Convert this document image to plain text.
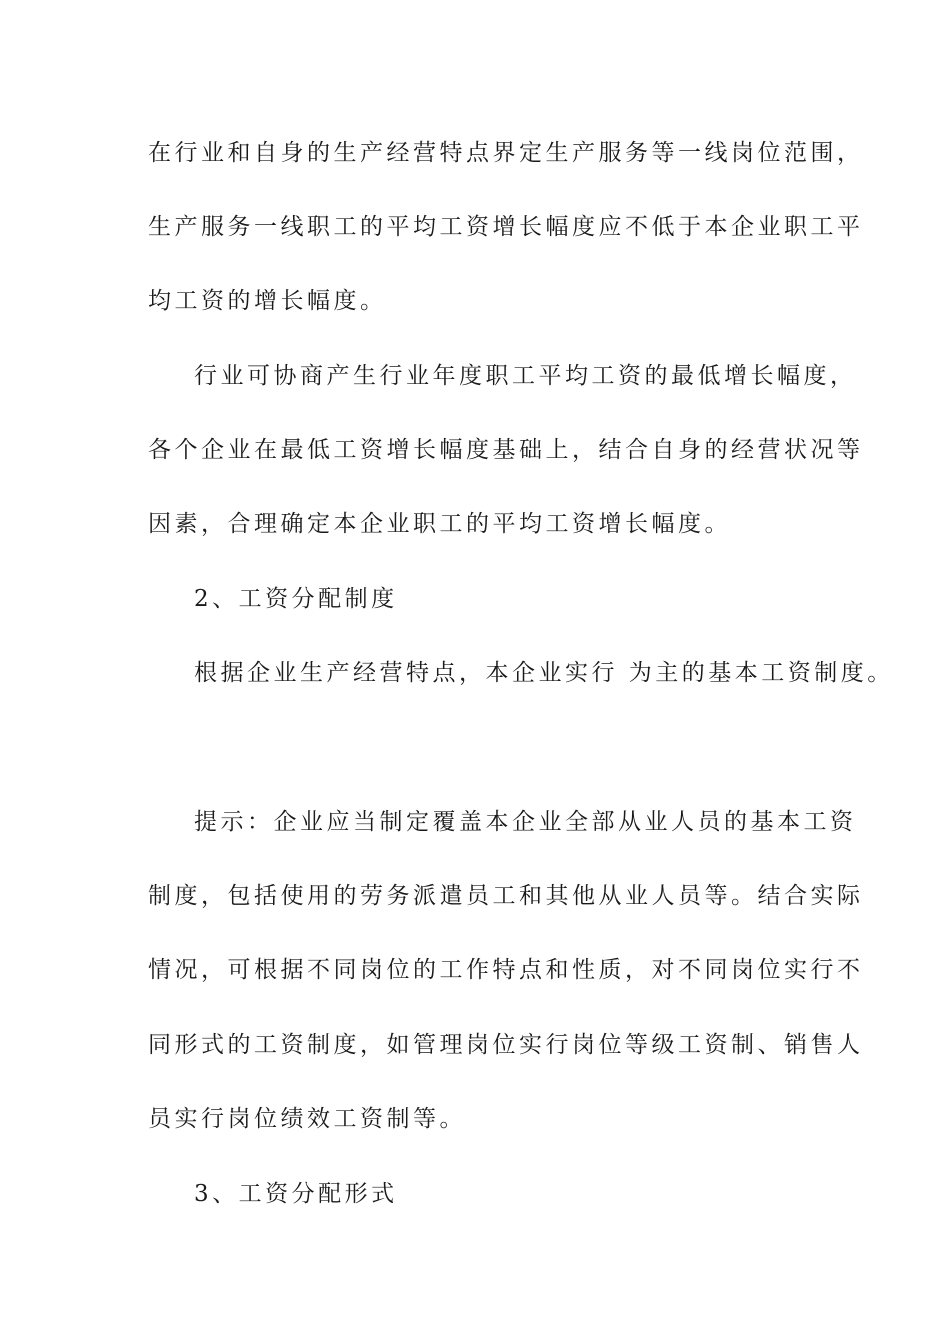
在行业和自身的生产经营特点界定生产服务等一线岗位范围，
生产服务一线职工的平均工资增长幅度应不低于本企业职工平
均工资的增长幅度。
行业可协商产生行业年度职工平均工资的最低增长幅度，
各个企业在最低工资增长幅度基础上，结合自身的经营状况等
因素，合理确定本企业职工的平均工资增长幅度。
2、工资分配制度
根据企业生产经营特点，本企业实行 为主的基本工资制度。
提示：企业应当制定覆盖本企业全部从业人员的基本工资
制度，包括使用的劳务派遣员工和其他从业人员等。结合实际
情况，可根据不同岗位的工作特点和性质，对不同岗位实行不
同形式的工资制度，如管理岗位实行岗位等级工资制、销售人
员实行岗位绩效工资制等。
3、工资分配形式
